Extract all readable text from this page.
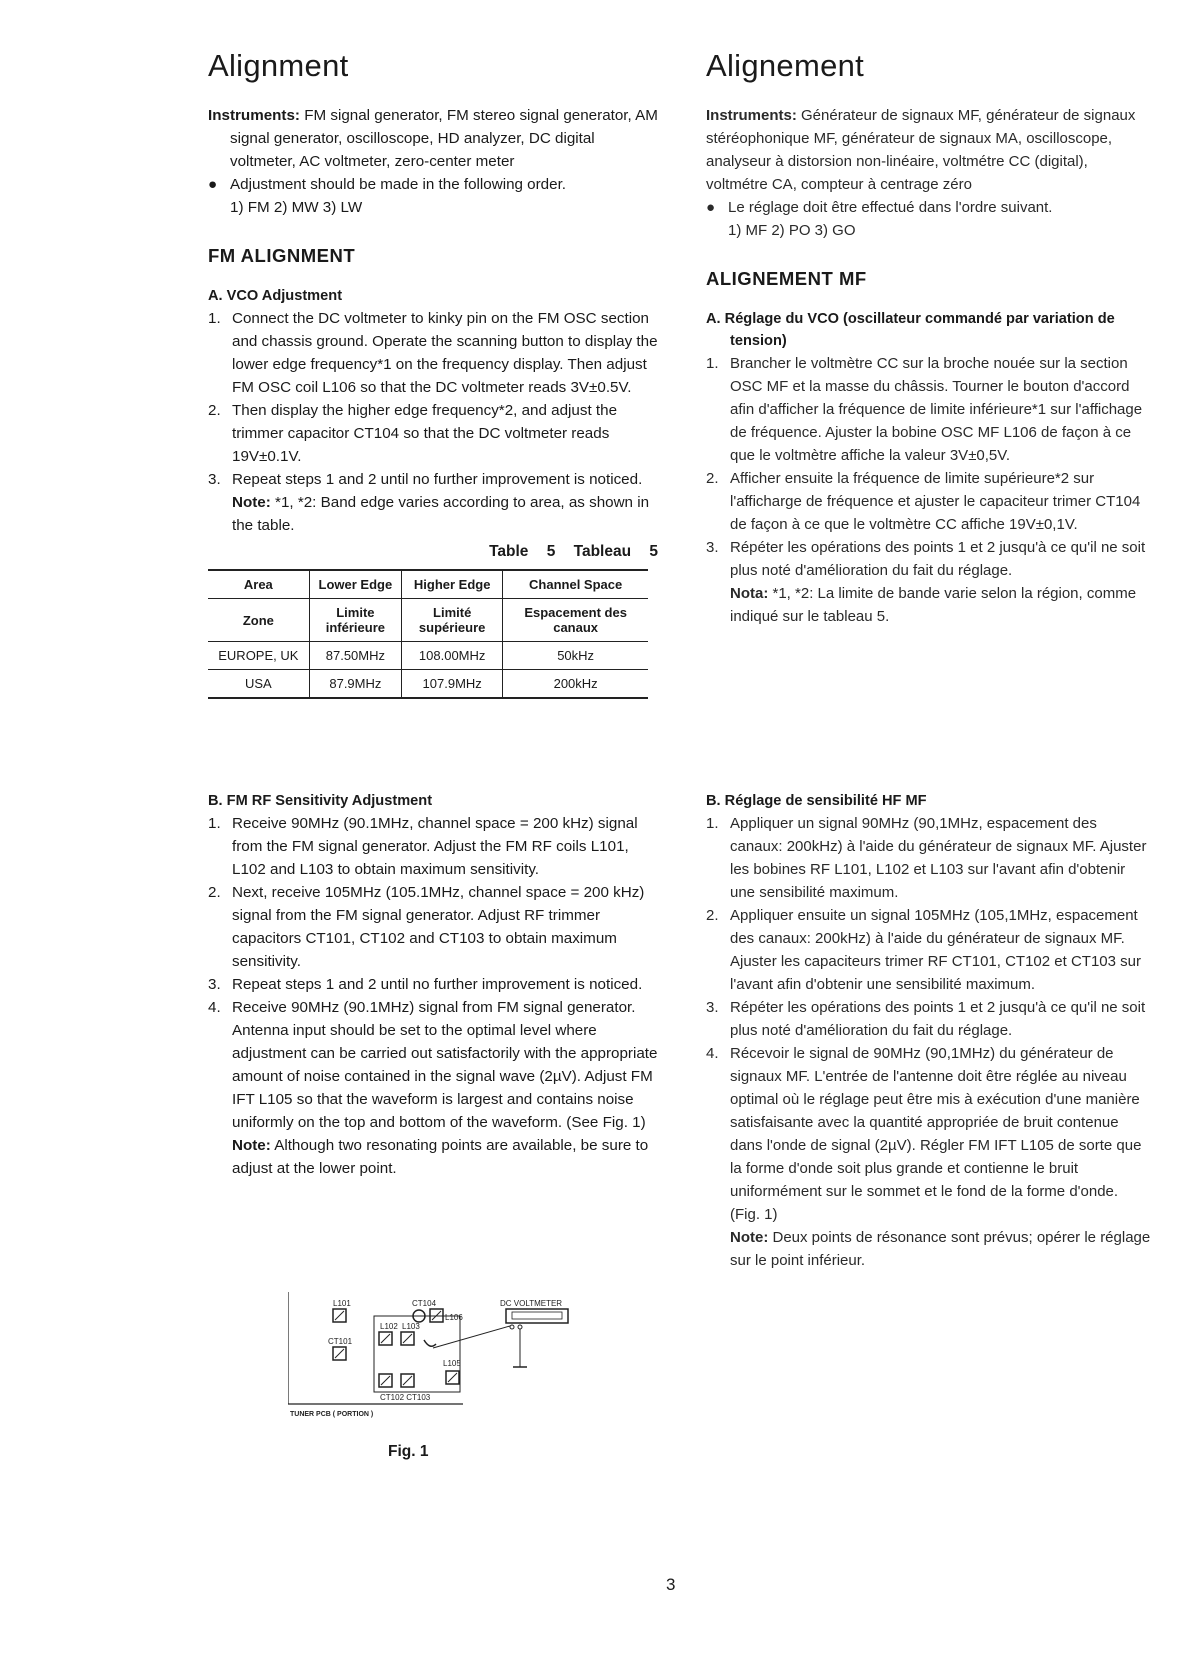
Alignment

Instruments: FM signal generator, FM stereo signal generator, AM signal generator, oscilloscope, HD analyzer, DC digital voltmeter, AC voltmeter, zero-center meter

● Adjustment should be made in the following order.
1) FM 2) MW 3) LW
FM ALIGNMENT
A. VCO Adjustment
1. Connect the DC voltmeter to kinky pin on the FM OSC section and chassis ground. Operate the scanning button to display the lower edge frequency*1 on the frequency display. Then adjust FM OSC coil L106 so that the DC voltmeter reads 3V±0.5V.
2. Then display the higher edge frequency*2, and adjust the trimmer capacitor CT104 so that the DC voltmeter reads 19V±0.1V.
3. Repeat steps 1 and 2 until no further improvement is noticed.
Note: *1, *2: Band edge varies according to area, as shown in the table.
Table 5 Tableau 5
Area	Lower Edge	Higher Edge	Channel Space
Zone	Limite inférieure	Limité supérieure	Espacement des canaux
EUROPE, UK	87.50MHz	108.00MHz	50kHz
USA	87.9MHz	107.9MHz	200kHz
Alignement

Instruments: Générateur de signaux MF, générateur de signaux stéréophonique MF, générateur de signaux MA, oscilloscope, analyseur à distorsion non-linéaire, voltmétre CC (digital), voltmétre CA, compteur à centrage zéro

● Le réglage doit être effectué dans l'ordre suivant.
1) MF 2) PO 3) GO
ALIGNEMENT MF
A. Réglage du VCO (oscillateur commandé par variation de tension)
1. Brancher le voltmètre CC sur la broche nouée sur la section OSC MF et la masse du châssis. Tourner le bouton d'accord afin d'afficher la fréquence de limite inférieure*1 sur l'affichage de fréquence. Ajuster la bobine OSC MF L106 de façon à ce que le voltmètre affiche la valeur 3V±0,5V.
2. Afficher ensuite la fréquence de limite supérieure*2 sur l'afficharge de fréquence et ajuster le capaciteur trimer CT104 de façon à ce que le voltmètre CC affiche 19V±0,1V.
3. Répéter les opérations des points 1 et 2 jusqu'à ce qu'il ne soit plus noté d'amélioration du fait du réglage.
Nota: *1, *2: La limite de bande varie selon la région, comme indiqué sur le tableau 5.
B. FM RF Sensitivity Adjustment
1. Receive 90MHz (90.1MHz, channel space = 200 kHz) signal from the FM signal generator. Adjust the FM RF coils L101, L102 and L103 to obtain maximum sensitivity.
2. Next, receive 105MHz (105.1MHz, channel space = 200 kHz) signal from the FM signal generator. Adjust RF trimmer capacitors CT101, CT102 and CT103 to obtain maximum sensitivity.
3. Repeat steps 1 and 2 until no further improvement is noticed.
4. Receive 90MHz (90.1MHz) signal from FM signal generator. Antenna input should be set to the optimal level where adjustment can be carried out satisfactorily with the appropriate amount of noise contained in the signal wave (2µV). Adjust FM IFT L105 so that the waveform is largest and contains noise uniformly on the top and bottom of the waveform. (See Fig. 1)
Note: Although two resonating points are available, be sure to adjust at the lower point.
B. Réglage de sensibilité HF MF
1. Appliquer un signal 90MHz (90,1MHz, espacement des canaux: 200kHz) à l'aide du générateur de signaux MF. Ajuster les bobines RF L101, L102 et L103 sur l'avant afin d'obtenir une sensibilité maximum.
2. Appliquer ensuite un signal 105MHz (105,1MHz, espacement des canaux: 200kHz) à l'aide du générateur de signaux MF. Ajuster les capaciteurs trimer RF CT101, CT102 et CT103 sur l'avant afin d'obtenir une sensibilité maximum.
3. Répéter les opérations des points 1 et 2 jusqu'à ce qu'il ne soit plus noté d'amélioration du fait du réglage.
4. Récevoir le signal de 90MHz (90,1MHz) du générateur de signaux MF. L'entrée de l'antenne doit être réglée au niveau optimal où le réglage peut être mis à exécution d'une manière satisfaisante avec la quantité appropriée de bruit contenue dans l'onde de signal (2µV). Régler FM IFT L105 de sorte que la forme d'onde soit plus grande et contienne le bruit uniformément sur le sommet et le fond de la forme d'onde. (Fig. 1)
Note: Deux points de résonance sont prévus; opérer le réglage sur le point inférieur.
L101	CT104
L106
L102 L103
CT101
L105
CT102 CT103
TUNER PCB ( PORTION )
DC VOLTMETER
Fig. 1
3
